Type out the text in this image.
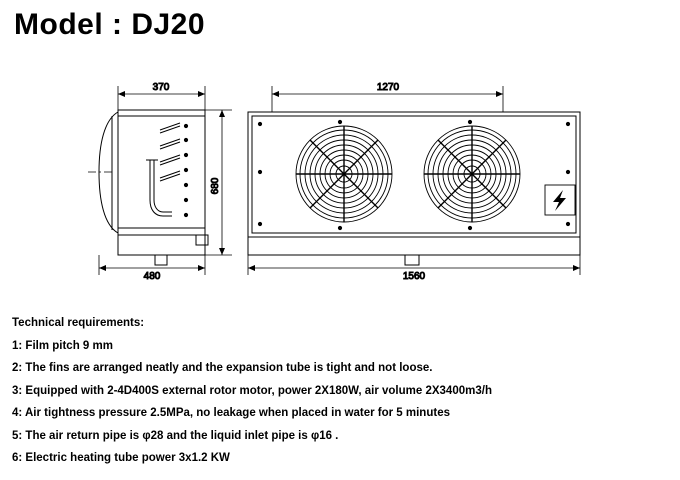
Model : DJ20
370
680
480
1270
1560
Technical requirements:
1: Film pitch 9 mm
2: The fins are arranged neatly and the expansion tube is tight and not loose.
3: Equipped with 2-4D400S external rotor motor, power 2X180W, air volume 2X3400m3/h
4: Air tightness pressure 2.5MPa, no leakage when placed in water for 5 minutes
5: The air return pipe is φ28 and the liquid inlet pipe is φ16 .
6: Electric heating tube power 3x1.2 KW
